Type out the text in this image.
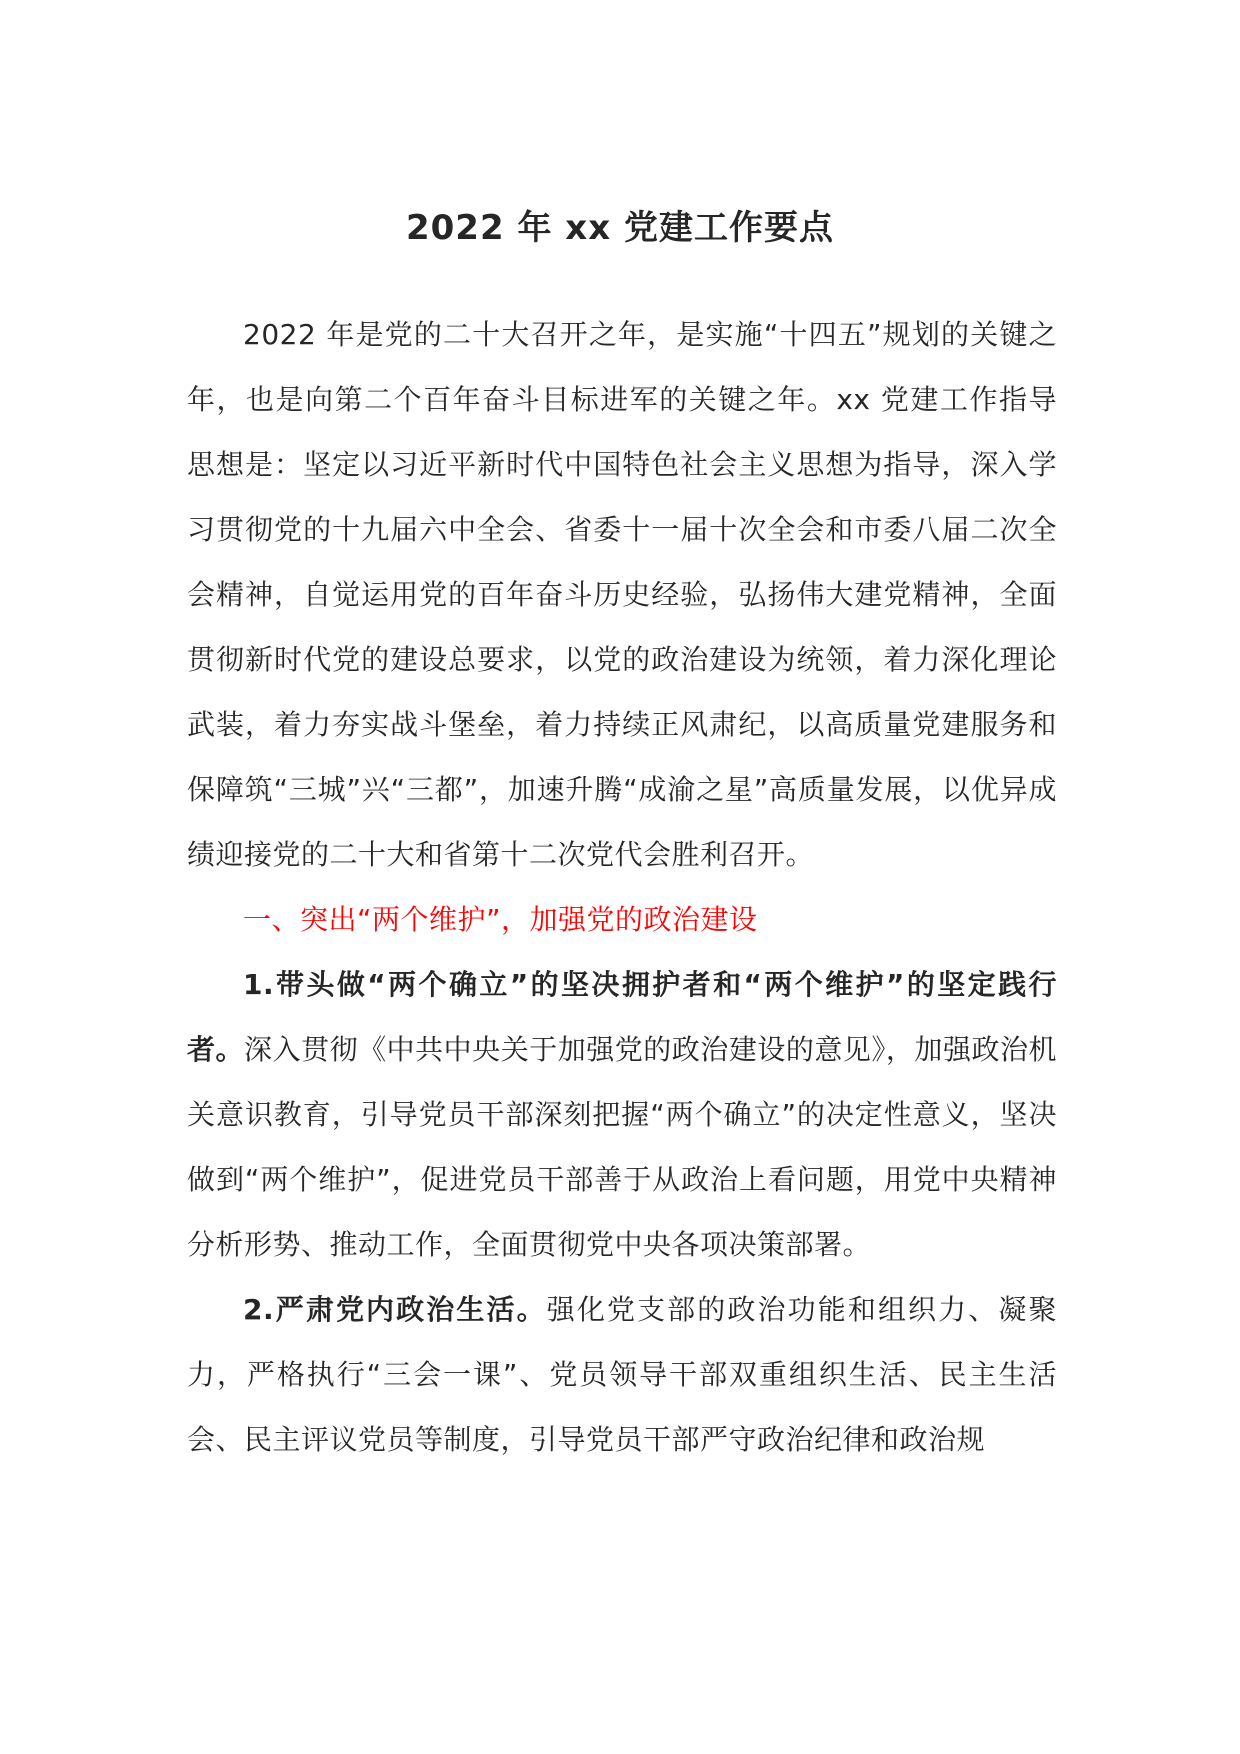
2022 年 xx 党建工作要点

2022 年是党的二十大召开之年，是实施“十四五”规划的关键之年，也是向第二个百年奋斗目标进军的关键之年。xx 党建工作指导思想是：坚定以习近平新时代中国特色社会主义思想为指导，深入学习贯彻党的十九届六中全会、省委十一届十次全会和市委八届二次全会精神，自觉运用党的百年奋斗历史经验，弘扬伟大建党精神，全面贯彻新时代党的建设总要求，以党的政治建设为统领，着力深化理论武装，着力夯实战斗堡垒，着力持续正风肃纪，以高质量党建服务和保障筑“三城”兴“三都”，加速升腾“成渝之星”高质量发展，以优异成绩迎接党的二十大和省第十二次党代会胜利召开。

一、突出“两个维护”，加强党的政治建设

1.带头做“两个确立”的坚决拥护者和“两个维护”的坚定践行者。深入贯彻《中共中央关于加强党的政治建设的意见》，加强政治机关意识教育，引导党员干部深刻把握“两个确立”的决定性意义，坚决做到“两个维护”，促进党员干部善于从政治上看问题，用党中央精神分析形势、推动工作，全面贯彻党中央各项决策部署。

2.严肃党内政治生活。强化党支部的政治功能和组织力、凝聚力，严格执行“三会一课”、党员领导干部双重组织生活、民主生活会、民主评议党员等制度，引导党员干部严守政治纪律和政治规
